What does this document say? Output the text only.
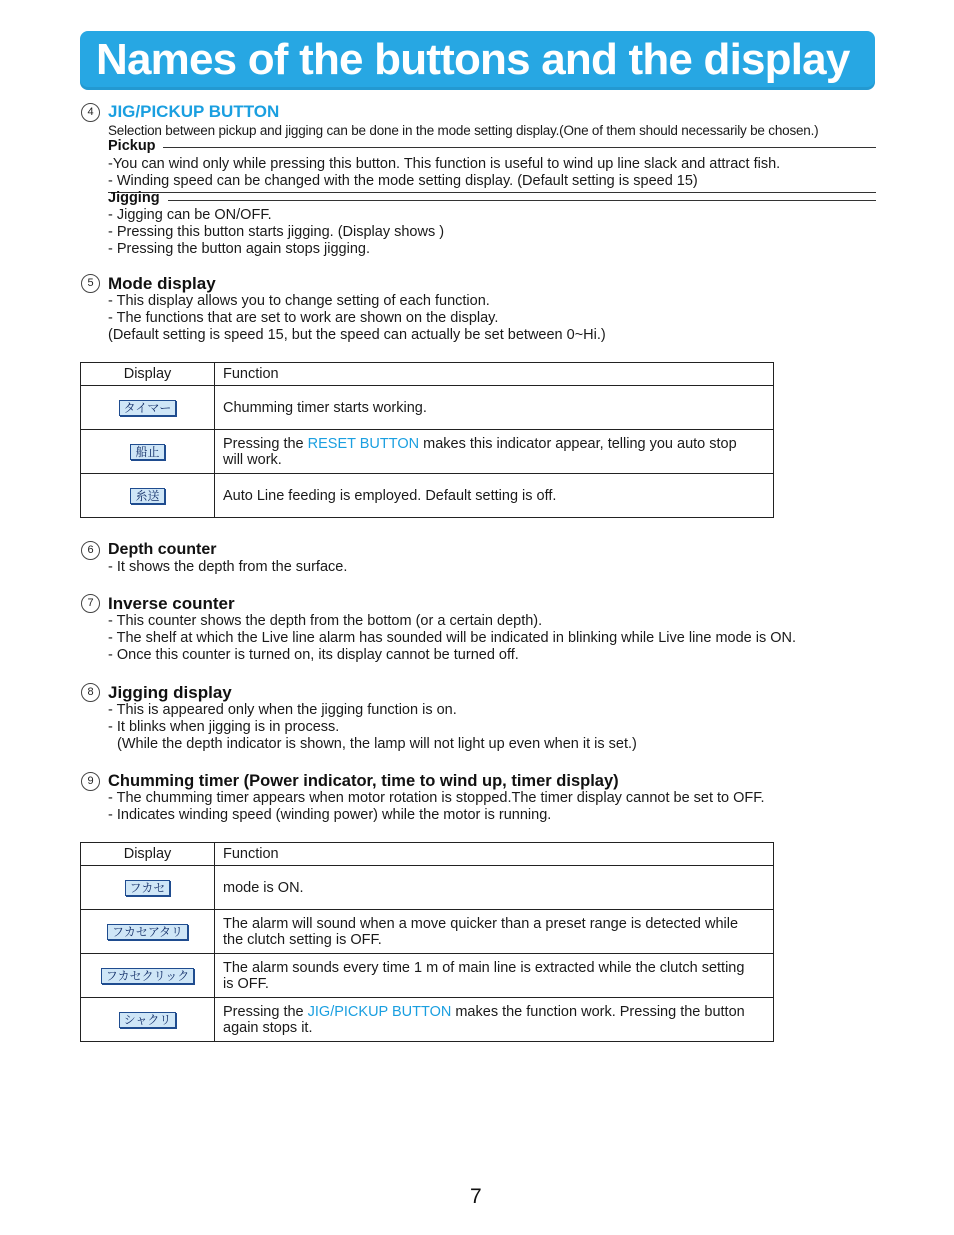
Names of the buttons and the display
4 JIG/PICKUP BUTTON
Selection between pickup and jigging can be done in the mode setting display.(One of them should necessarily be chosen.)
Pickup
-You can wind only while pressing this button. This function is useful to wind up line slack and attract fish.
- Winding speed can be changed with the mode setting display. (Default setting is speed 15)
Jigging
- Jigging can be ON/OFF.
- Pressing this button starts jigging. (Display shows )
- Pressing the button again stops jigging.
5 Mode display
- This display allows you to change setting of each function.
- The functions that are set to work are shown on the display.
(Default setting is speed 15, but the speed can actually be set between 0~Hi.)
Display	Function
タイマー	Chumming timer starts working.
船止	Pressing the RESET BUTTON makes this indicator appear, telling you auto stop will work.
糸送	Auto Line feeding is employed. Default setting is off.
6 Depth counter
- It shows the depth from the surface.
7 Inverse counter
- This counter shows the depth from the bottom (or a certain depth).
- The shelf at which the Live line alarm has sounded will be indicated in blinking while Live line mode is ON.
- Once this counter is turned on, its display cannot be turned off.
8 Jigging display
- This is appeared only when the jigging function is on.
- It blinks when jigging is in process.
(While the depth indicator is shown, the lamp will not light up even when it is set.)
9 Chumming timer (Power indicator, time to wind up, timer display)
- The chumming timer appears when motor rotation is stopped.The timer display cannot be set to OFF.
- Indicates winding speed (winding power) while the motor is running.
Display	Function
フカセ	mode is ON.
フカセアタリ	The alarm will sound when a move quicker than a preset range is detected while the clutch setting is OFF.
フカセクリック	The alarm sounds every time 1 m of main line is extracted while the clutch setting is OFF.
シャクリ	Pressing the JIG/PICKUP BUTTON makes the function work. Pressing the button again stops it.
7
